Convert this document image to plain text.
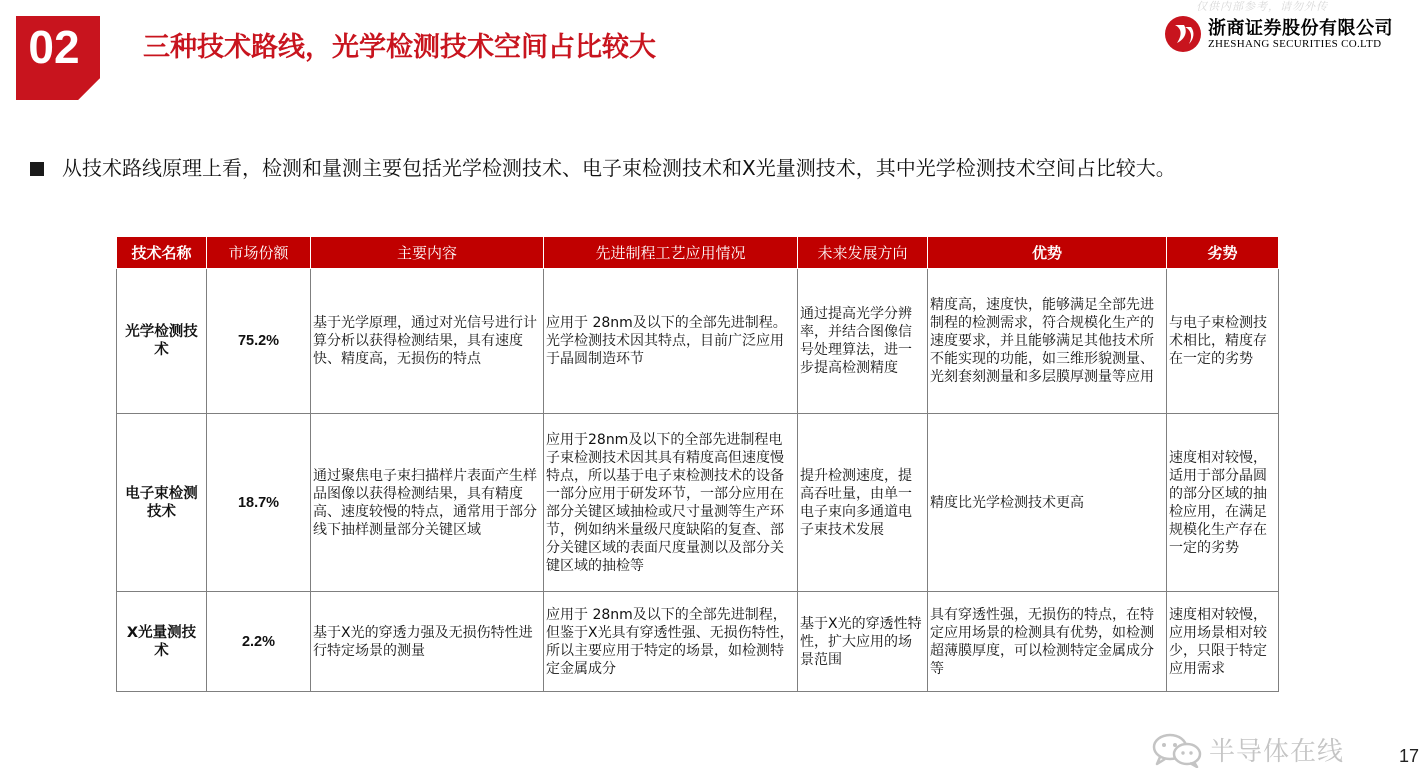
02	三种技术路线，光学检测技术空间占比较大
仅供内部参考，请勿外传
浙商证券股份有限公司
ZHESHANG SECURITIES CO.LTD
从技术路线原理上看，检测和量测主要包括光学检测技术、电子束检测技术和X光量测技术，其中光学检测技术空间占比较大。
技术名称	市场份额	主要内容	先进制程工艺应用情况	未来发展方向	优势	劣势
光学检测技术	75.2%	基于光学原理，通过对光信号进行计算分析以获得检测结果，具有速度快、精度高，无损伤的特点	应用于 28nm及以下的全部先进制程。光学检测技术因其特点，目前广泛应用于晶圆制造环节	通过提高光学分辨率，并结合图像信号处理算法，进一步提高检测精度	精度高，速度快，能够满足全部先进制程的检测需求，符合规模化生产的速度要求，并且能够满足其他技术所不能实现的功能，如三维形貌测量、光刻套刻测量和多层膜厚测量等应用	与电子束检测技术相比，精度存在一定的劣势
电子束检测技术	18.7%	通过聚焦电子束扫描样片表面产生样品图像以获得检测结果，具有精度高、速度较慢的特点，通常用于部分线下抽样测量部分关键区域	应用于28nm及以下的全部先进制程电子束检测技术因其具有精度高但速度慢特点，所以基于电子束检测技术的设备一部分应用于研发环节，一部分应用在部分关键区域抽检或尺寸量测等生产环节，例如纳米量级尺度缺陷的复查、部分关键区域的表面尺度量测以及部分关键区域的抽检等	提升检测速度，提高吞吐量，由单一电子束向多通道电子束技术发展	精度比光学检测技术更高	速度相对较慢，适用于部分晶圆的部分区域的抽检应用，在满足规模化生产存在一定的劣势
X光量测技术	2.2%	基于X光的穿透力强及无损伤特性进行特定场景的测量	应用于 28nm及以下的全部先进制程，但鉴于X光具有穿透性强、无损伤特性，所以主要应用于特定的场景，如检测特定金属成分	基于X光的穿透性特性，扩大应用的场景范围	具有穿透性强，无损伤的特点，在特定应用场景的检测具有优势，如检测超薄膜厚度，可以检测特定金属成分等	速度相对较慢，应用场景相对较少，只限于特定应用需求
半导体在线	17
